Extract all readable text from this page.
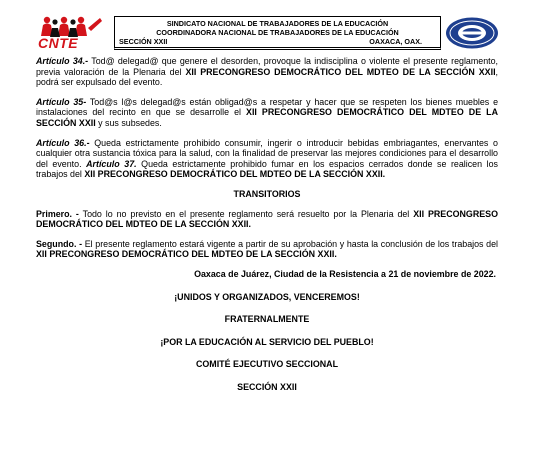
CNTE
SINDICATO NACIONAL DE TRABAJADORES DE LA EDUCACIÓN
COORDINADORA NACIONAL DE TRABAJADORES DE LA EDUCACIÓN
SECCIÓN XXII	OAXACA, OAX.

Artículo 34.- Tod@ delegad@ que genere el desorden, provoque la indisciplina o violente el presente reglamento, previa valoración de la Plenaria del XII PRECONGRESO DEMOCRÁTICO DEL MDTEO DE LA SECCIÓN XXII, podrá ser expulsado del evento.

Artículo 35- Tod@s l@s delegad@s están obligad@s a respetar y hacer que se respeten los bienes muebles e instalaciones del recinto en que se desarrolle el XII PRECONGRESO DEMOCRÁTICO DEL MDTEO DE LA SECCIÓN XXII y sus subsedes.

Artículo 36.- Queda estrictamente prohibido consumir, ingerir o introducir bebidas embriagantes, enervantes o cualquier otra sustancia tóxica para la salud, con la finalidad de preservar las mejores condiciones para el desarrollo del evento. Artículo 37. Queda estrictamente prohibido fumar en los espacios cerrados donde se realicen los trabajos del XII PRECONGRESO DEMOCRÁTICO DEL MDTEO DE LA SECCIÓN XXII.

TRANSITORIOS

Primero. - Todo lo no previsto en el presente reglamento será resuelto por la Plenaria del XII PRECONGRESO DEMOCRÁTICO DEL MDTEO DE LA SECCIÓN XXII.

Segundo. - El presente reglamento estará vigente a partir de su aprobación y hasta la conclusión de los trabajos del XII PRECONGRESO DEMOCRÁTICO DEL MDTEO DE LA SECCIÓN XXII.

Oaxaca de Juárez, Ciudad de la Resistencia a 21 de noviembre de 2022.

¡UNIDOS Y ORGANIZADOS, VENCEREMOS!

FRATERNALMENTE

¡POR LA EDUCACIÓN AL SERVICIO DEL PUEBLO!

COMITÉ EJECUTIVO SECCIONAL

SECCIÓN XXII
